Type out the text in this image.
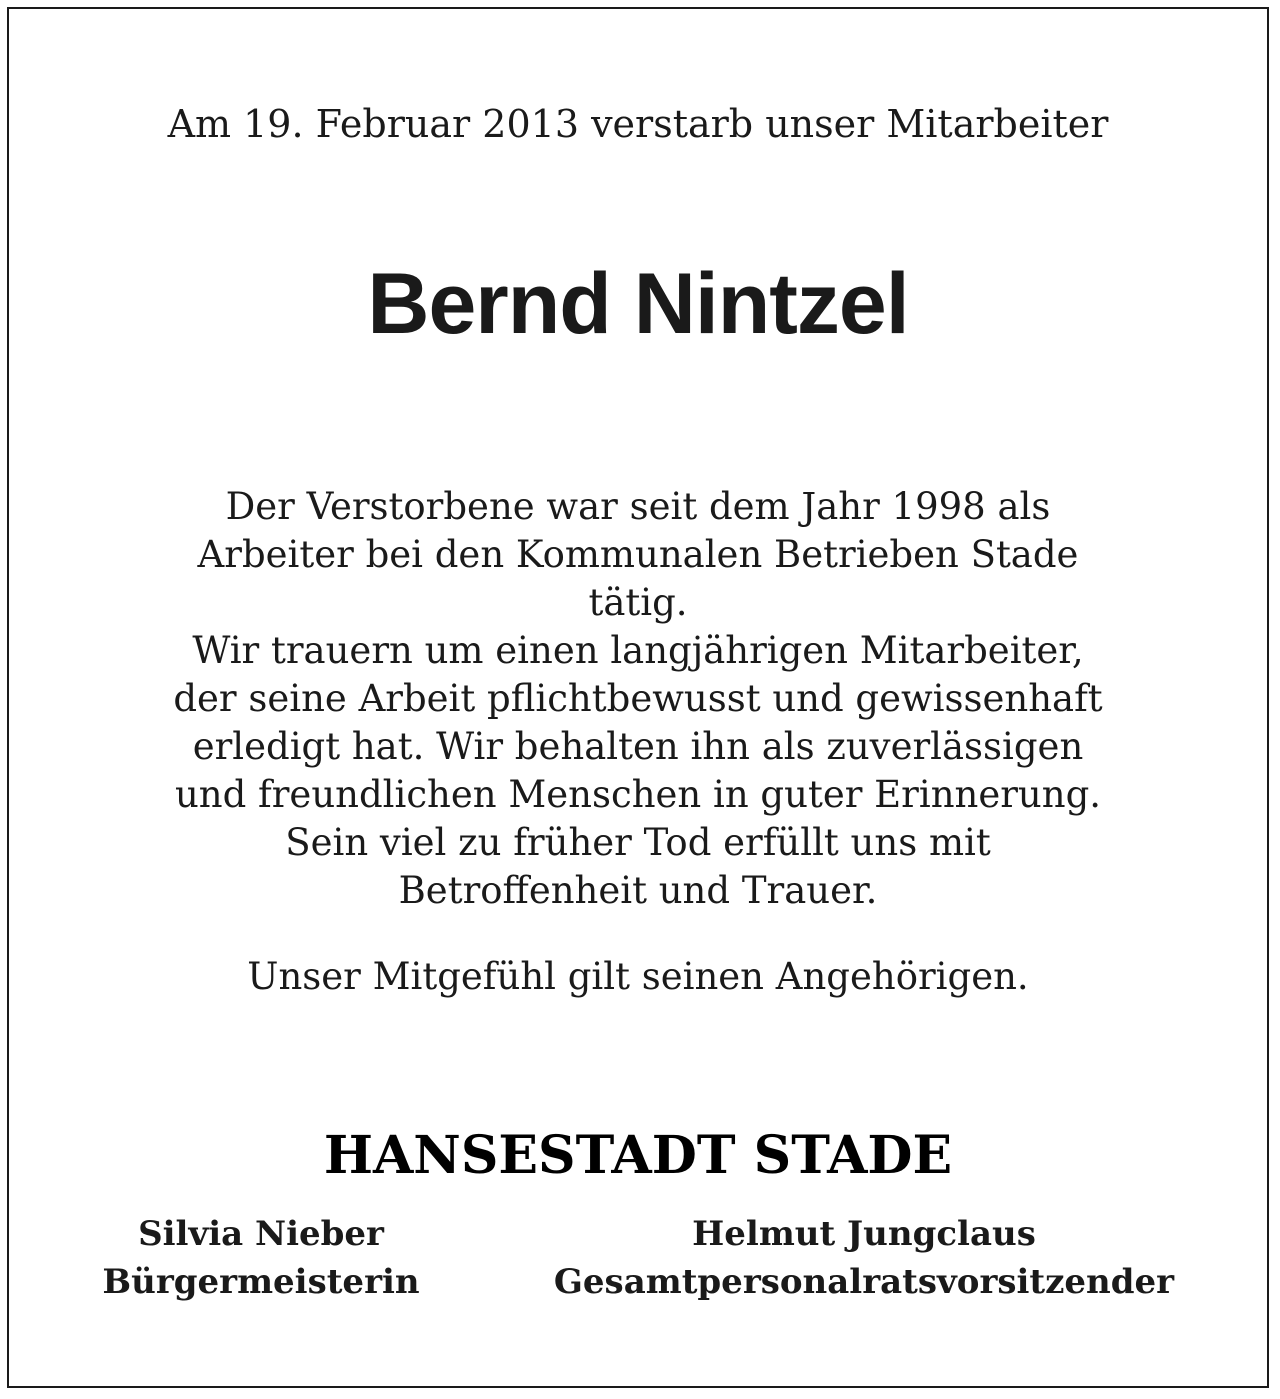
Am 19. Februar 2013 verstarb unser Mitarbeiter
Bernd Nintzel

Der Verstorbene war seit dem Jahr 1998 als
Arbeiter bei den Kommunalen Betrieben Stade
tätig.

Wir trauern um einen langjährigen Mitarbeiter,
der seine Arbeit pflichtbewusst und gewissenhaft
erledigt hat. Wir behalten ihn als zuverlässigen
und freundlichen Menschen in guter Erinnerung.
Sein viel zu früher Tod erfüllt uns mit
Betroffenheit und Trauer.

Unser Mitgefühl gilt seinen Angehörigen.
HANSESTADT STADE
Silvia Nieber
Bürgermeisterin
Helmut Jungclaus
Gesamtpersonalratsvorsitzender
